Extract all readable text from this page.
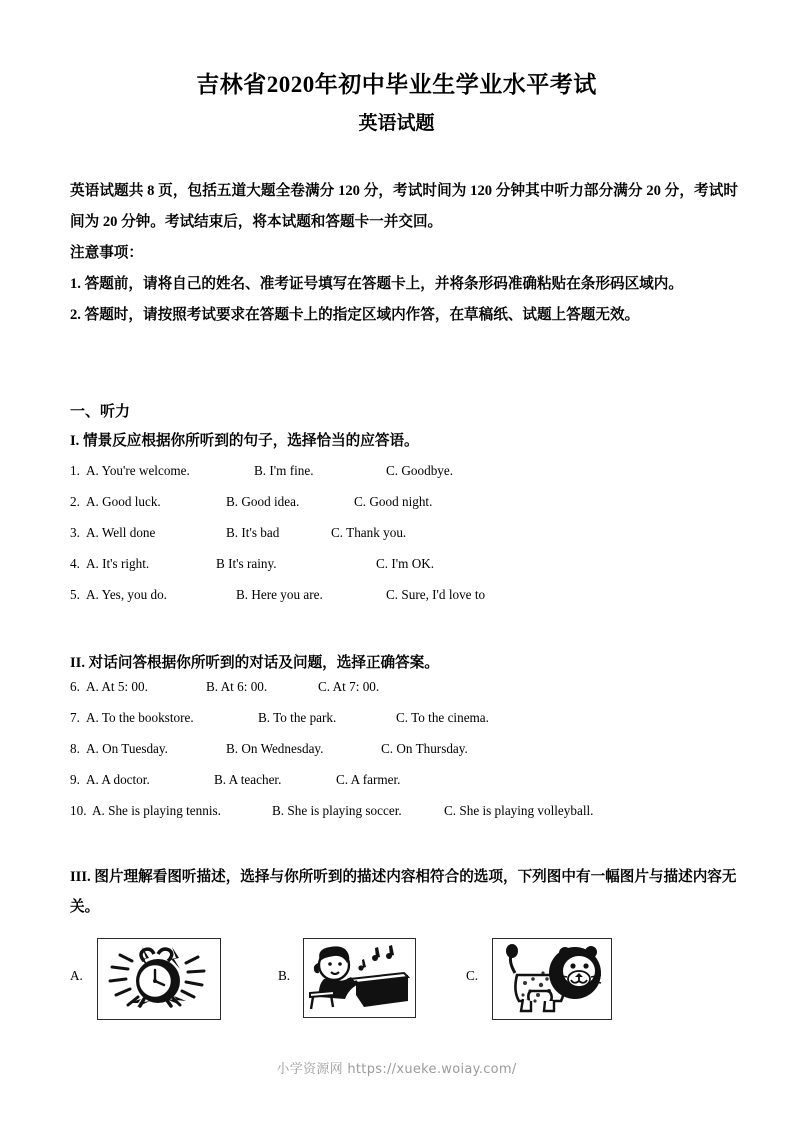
吉林省2020年初中毕业生学业水平考试
英语试题

英语试题共 8 页，包括五道大题全卷满分 120 分，考试时间为 120 分钟其中听力部分满分 20 分，考试时间为 20 分钟。考试结束后，将本试题和答题卡一并交回。

注意事项：

1. 答题前，请将自己的姓名、准考证号填写在答题卡上，并将条形码准确粘贴在条形码区域内。

2. 答题时，请按照考试要求在答题卡上的指定区域内作答，在草稿纸、试题上答题无效。

一、听力
I. 情景反应根据你所听到的句子，选择恰当的应答语。
1. A. You're welcome.	B. I'm fine.	C. Goodbye.
2. A. Good luck.	B. Good idea.	C. Good night.
3. A. Well done	B. It's bad	C. Thank you.
4. A. It's right.	B It's rainy.	C. I'm OK.
5. A. Yes, you do.	B. Here you are.	C. Sure, I'd love to
II. 对话问答根据你所听到的对话及问题，选择正确答案。
6. A. At 5: 00.	B. At 6: 00.	C. At 7: 00.
7. A. To the bookstore.	B. To the park.	C. To the cinema.
8. A. On Tuesday.	B. On Wednesday.	C. On Thursday.
9. A. A doctor.	B. A teacher.	C. A farmer.
10. A. She is playing tennis.	B. She is playing soccer.	C. She is playing volleyball.
III. 图片理解看图听描述，选择与你所听到的描述内容相符合的选项，下列图中有一幅图片与描述内容无关。
A.	B.	C.
小学资源网 https://xueke.woiay.com/
